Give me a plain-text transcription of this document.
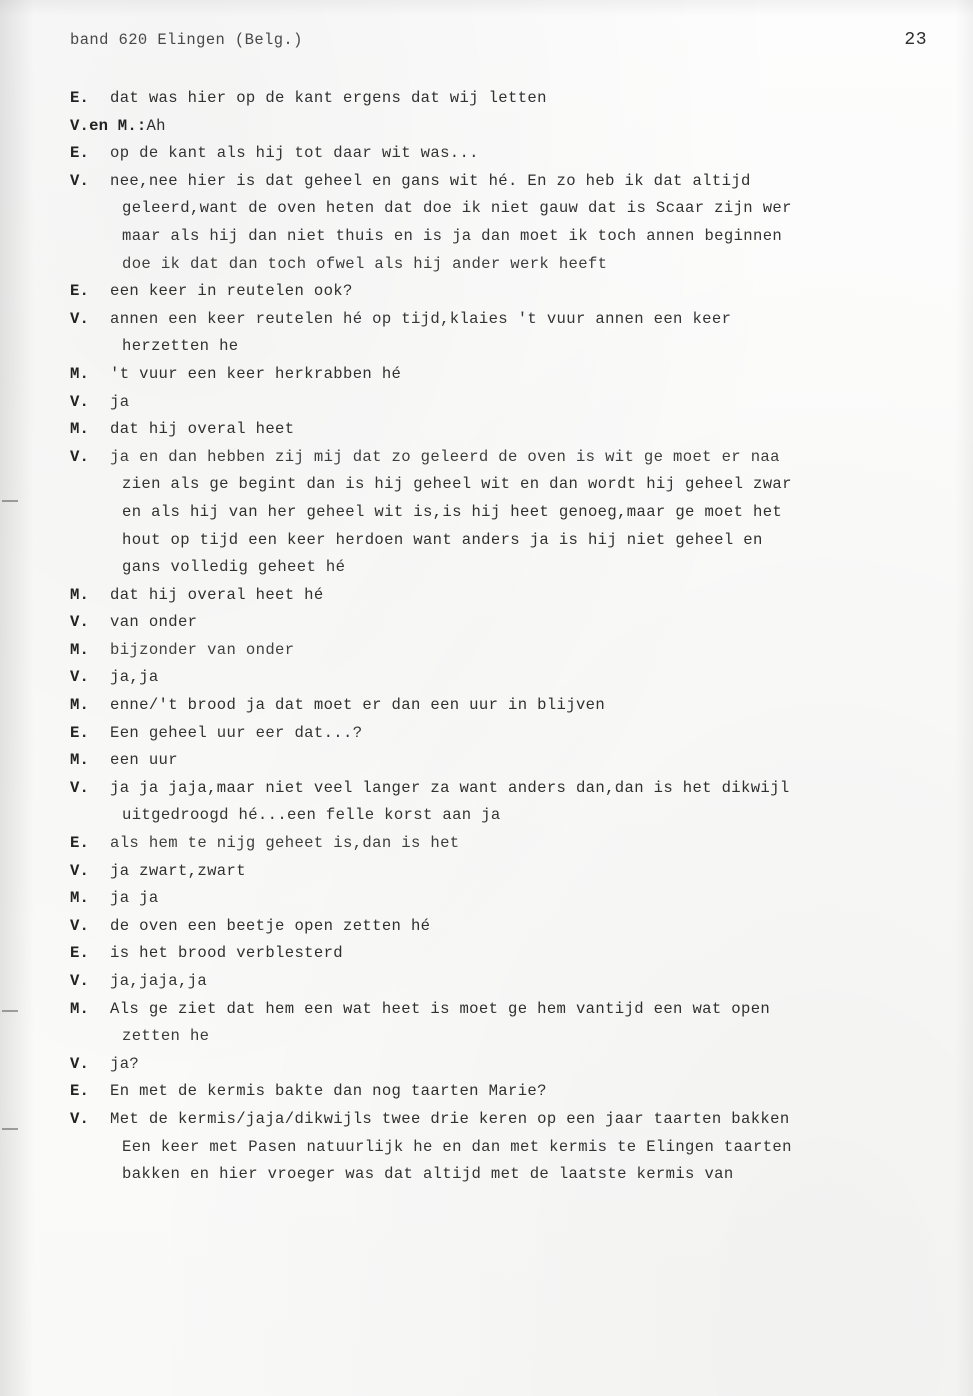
band 620 Elingen (Belg.)	23
E.	dat was hier op de kant ergens dat wij letten
V.en M.: Ah
E.	op de kant als hij tot daar wit was...
V.	nee,nee hier is dat geheel en gans wit hé. En zo heb ik dat altijd
geleerd,want de oven heten dat doe ik niet gauw dat is Scaar zijn wer
maar als hij dan niet thuis en is ja dan moet ik toch annen beginnen
doe ik dat dan toch ofwel als hij ander werk heeft
E.	een keer in reutelen ook?
V.	annen een keer reutelen hé op tijd,klaies 't vuur annen een keer
herzetten he
M.	't vuur een keer herkrabben hé
V.	ja
M.	dat hij overal heet
V.	ja en dan hebben zij mij dat zo geleerd de oven is wit ge moet er naa
zien als ge begint dan is hij geheel wit en dan wordt hij geheel zwar
en als hij van her geheel wit is,is hij heet genoeg,maar ge moet het
hout op tijd een keer herdoen want anders ja is hij niet geheel en
gans volledig geheet hé
M.	dat hij overal heet hé
V.	van onder
M.	bijzonder van onder
V.	ja,ja
M.	enne/'t brood ja dat moet er dan een uur in blijven
E.	Een geheel uur eer dat...?
M.	een uur
V.	ja ja jaja,maar niet veel langer za want anders dan,dan is het dikwijl
uitgedroogd hé...een felle korst aan ja
E.	als hem te nijg geheet is,dan is het
V.	ja zwart,zwart
M.	ja ja
V.	de oven een beetje open zetten hé
E.	is het brood verblesterd
V.	ja,jaja,ja
M.	Als ge ziet dat hem een wat heet is moet ge hem vantijd een wat open
zetten he
V.	ja?
E.	En met de kermis bakte dan nog taarten Marie?
V.	Met de kermis/jaja/dikwijls twee drie keren op een jaar taarten bakken
Een keer met Pasen natuurlijk he en dan met kermis te Elingen taarten
bakken en hier vroeger was dat altijd met de laatste kermis van
